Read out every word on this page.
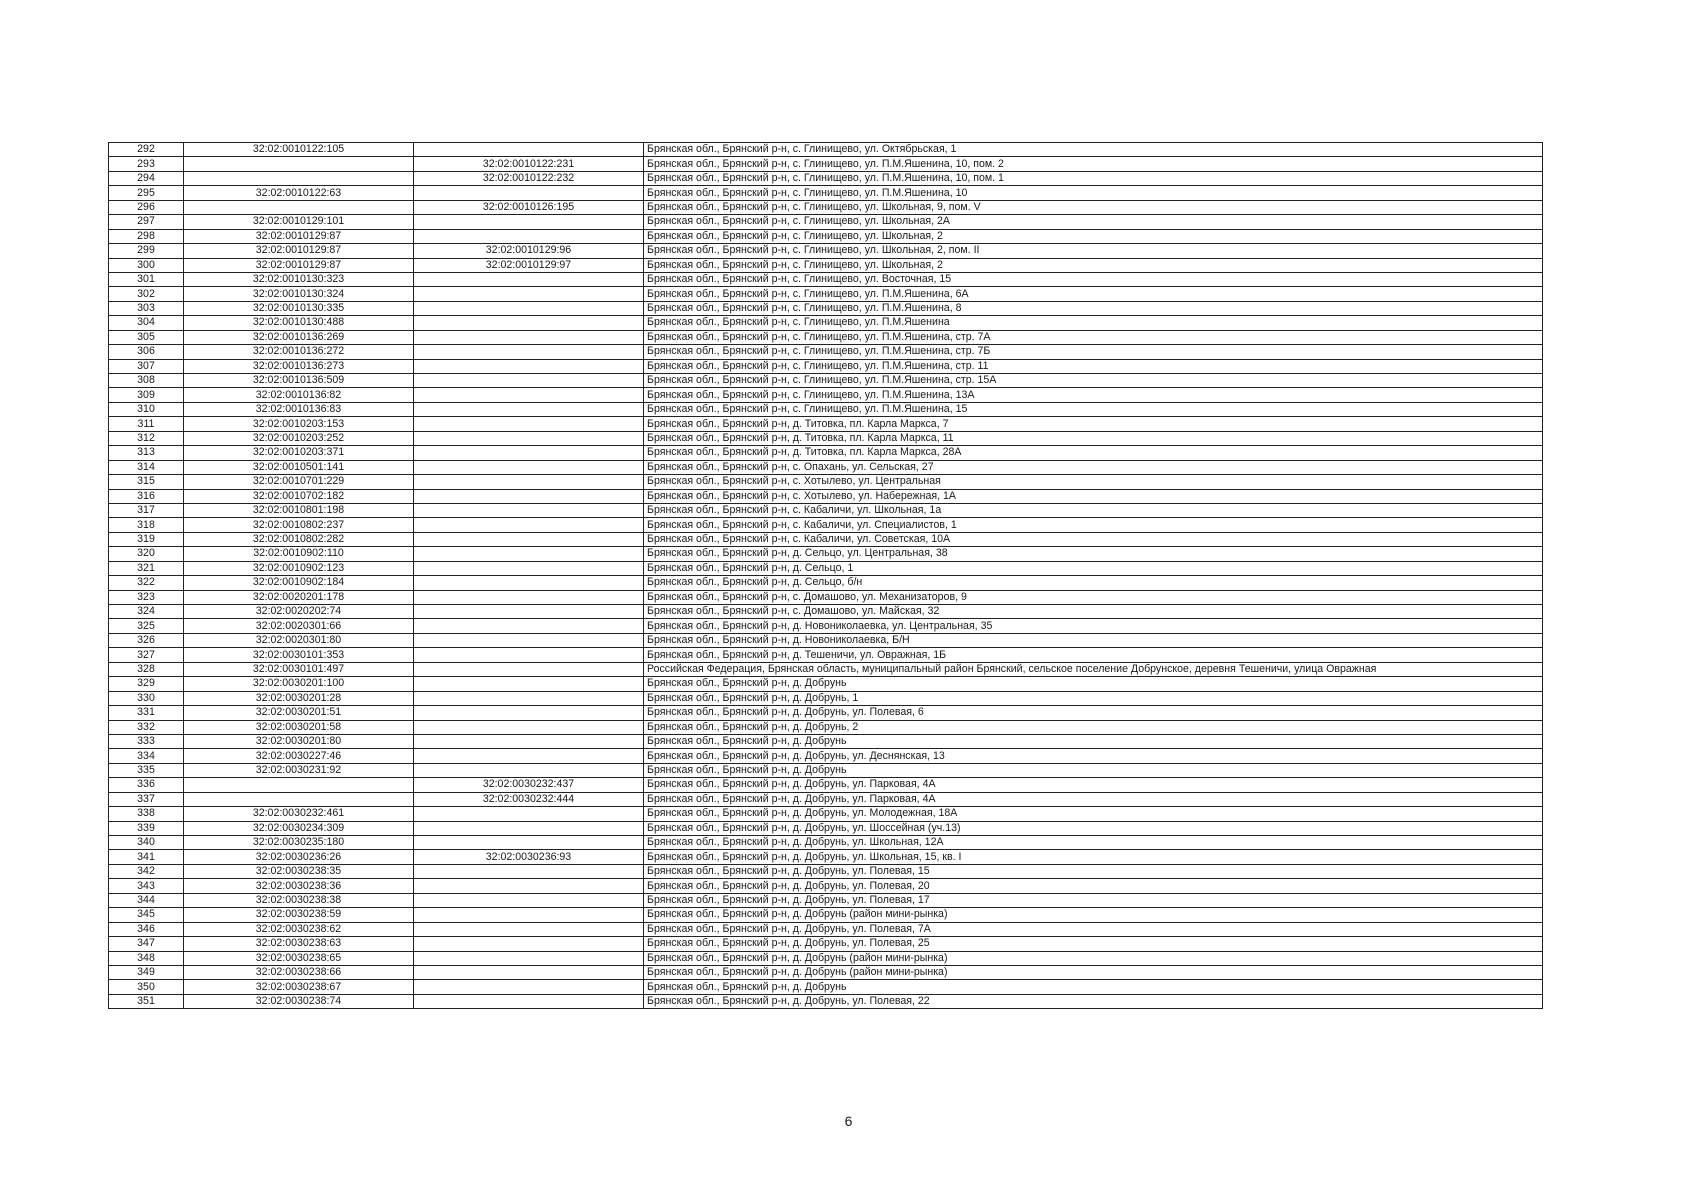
292	32:02:0010122:105		Брянская обл., Брянский р-н, с. Глинищево, ул. Октябрьская, 1
293		32:02:0010122:231	Брянская обл., Брянский р-н, с. Глинищево, ул. П.М.Яшенина, 10, пом. 2
294		32:02:0010122:232	Брянская обл., Брянский р-н, с. Глинищево, ул. П.М.Яшенина, 10, пом. 1
295	32:02:0010122:63		Брянская обл., Брянский р-н, с. Глинищево, ул. П.М.Яшенина, 10
296		32:02:0010126:195	Брянская обл., Брянский р-н, с. Глинищево, ул. Школьная, 9, пом. V
297	32:02:0010129:101		Брянская обл., Брянский р-н, с. Глинищево, ул. Школьная, 2А
298	32:02:0010129:87		Брянская обл., Брянский р-н, с. Глинищево, ул. Школьная, 2
299	32:02:0010129:87	32:02:0010129:96	Брянская обл., Брянский р-н, с. Глинищево, ул. Школьная, 2, пом. II
300	32:02:0010129:87	32:02:0010129:97	Брянская обл., Брянский р-н, с. Глинищево, ул. Школьная, 2
301	32:02:0010130:323		Брянская обл., Брянский р-н, с. Глинищево, ул. Восточная, 15
302	32:02:0010130:324		Брянская обл., Брянский р-н, с. Глинищево, ул. П.М.Яшенина, 6А
303	32:02:0010130:335		Брянская обл., Брянский р-н, с. Глинищево, ул. П.М.Яшенина, 8
304	32:02:0010130:488		Брянская обл., Брянский р-н, с. Глинищево, ул. П.М.Яшенина
305	32:02:0010136:269		Брянская обл., Брянский р-н, с. Глинищево, ул. П.М.Яшенина, стр. 7А
306	32:02:0010136:272		Брянская обл., Брянский р-н, с. Глинищево, ул. П.М.Яшенина, стр. 7Б
307	32:02:0010136:273		Брянская обл., Брянский р-н, с. Глинищево, ул. П.М.Яшенина, стр. 11
308	32:02:0010136:509		Брянская обл., Брянский р-н, с. Глинищево, ул. П.М.Яшенина, стр. 15А
309	32:02:0010136:82		Брянская обл., Брянский р-н, с. Глинищево, ул. П.М.Яшенина, 13А
310	32:02:0010136:83		Брянская обл., Брянский р-н, с. Глинищево, ул. П.М.Яшенина, 15
311	32:02:0010203:153		Брянская обл., Брянский р-н, д. Титовка, пл. Карла Маркса, 7
312	32:02:0010203:252		Брянская обл., Брянский р-н, д. Титовка, пл. Карла Маркса, 11
313	32:02:0010203:371		Брянская обл., Брянский р-н, д. Титовка, пл. Карла Маркса, 28А
314	32:02:0010501:141		Брянская обл., Брянский р-н, с. Опахань, ул. Сельская, 27
315	32:02:0010701:229		Брянская обл., Брянский р-н, с. Хотылево, ул. Центральная
316	32:02:0010702:182		Брянская обл., Брянский р-н, с. Хотылево, ул. Набережная, 1А
317	32:02:0010801:198		Брянская обл., Брянский р-н, с. Кабаличи, ул. Школьная, 1а
318	32:02:0010802:237		Брянская обл., Брянский р-н, с. Кабаличи, ул. Специалистов, 1
319	32:02:0010802:282		Брянская обл., Брянский р-н, с. Кабаличи, ул. Советская, 10А
320	32:02:0010902:110		Брянская обл., Брянский р-н, д. Сельцо, ул. Центральная, 38
321	32:02:0010902:123		Брянская обл., Брянский р-н, д. Сельцо, 1
322	32:02:0010902:184		Брянская обл., Брянский р-н, д. Сельцо, б/н
323	32:02:0020201:178		Брянская обл., Брянский р-н, с. Домашово, ул. Механизаторов, 9
324	32:02:0020202:74		Брянская обл., Брянский р-н, с. Домашово, ул. Майская, 32
325	32:02:0020301:66		Брянская обл., Брянский р-н, д. Новониколаевка, ул. Центральная, 35
326	32:02:0020301:80		Брянская обл., Брянский р-н, д. Новониколаевка, Б/Н
327	32:02:0030101:353		Брянская обл., Брянский р-н, д. Тешеничи, ул. Овражная, 1Б
328	32:02:0030101:497		Российская Федерация, Брянская область, муниципальный район Брянский, сельское поселение Добрунское, деревня Тешеничи, улица Овражная
329	32:02:0030201:100		Брянская обл., Брянский р-н, д. Добрунь
330	32:02:0030201:28		Брянская обл., Брянский р-н, д. Добрунь, 1
331	32:02:0030201:51		Брянская обл., Брянский р-н, д. Добрунь, ул. Полевая, 6
332	32:02:0030201:58		Брянская обл., Брянский р-н, д. Добрунь, 2
333	32:02:0030201:80		Брянская обл., Брянский р-н, д. Добрунь
334	32:02:0030227:46		Брянская обл., Брянский р-н, д. Добрунь, ул. Деснянская, 13
335	32:02:0030231:92		Брянская обл., Брянский р-н, д. Добрунь
336		32:02:0030232:437	Брянская обл., Брянский р-н, д. Добрунь, ул. Парковая, 4А
337		32:02:0030232:444	Брянская обл., Брянский р-н, д. Добрунь, ул. Парковая, 4А
338	32:02:0030232:461		Брянская обл., Брянский р-н, д. Добрунь, ул. Молодежная, 18А
339	32:02:0030234:309		Брянская обл., Брянский р-н, д. Добрунь, ул. Шоссейная (уч.13)
340	32:02:0030235:180		Брянская обл., Брянский р-н, д. Добрунь, ул. Школьная, 12А
341	32:02:0030236:26	32:02:0030236:93	Брянская обл., Брянский р-н, д. Добрунь, ул. Школьная, 15, кв. I
342	32:02:0030238:35		Брянская обл., Брянский р-н, д. Добрунь, ул. Полевая, 15
343	32:02:0030238:36		Брянская обл., Брянский р-н, д. Добрунь, ул. Полевая, 20
344	32:02:0030238:38		Брянская обл., Брянский р-н, д. Добрунь, ул. Полевая, 17
345	32:02:0030238:59		Брянская обл., Брянский р-н, д. Добрунь (район мини-рынка)
346	32:02:0030238:62		Брянская обл., Брянский р-н, д. Добрунь, ул. Полевая, 7А
347	32:02:0030238:63		Брянская обл., Брянский р-н, д. Добрунь, ул. Полевая, 25
348	32:02:0030238:65		Брянская обл., Брянский р-н, д. Добрунь (район мини-рынка)
349	32:02:0030238:66		Брянская обл., Брянский р-н, д. Добрунь (район мини-рынка)
350	32:02:0030238:67		Брянская обл., Брянский р-н, д. Добрунь
351	32:02:0030238:74		Брянская обл., Брянский р-н, д. Добрунь, ул. Полевая, 22
6
